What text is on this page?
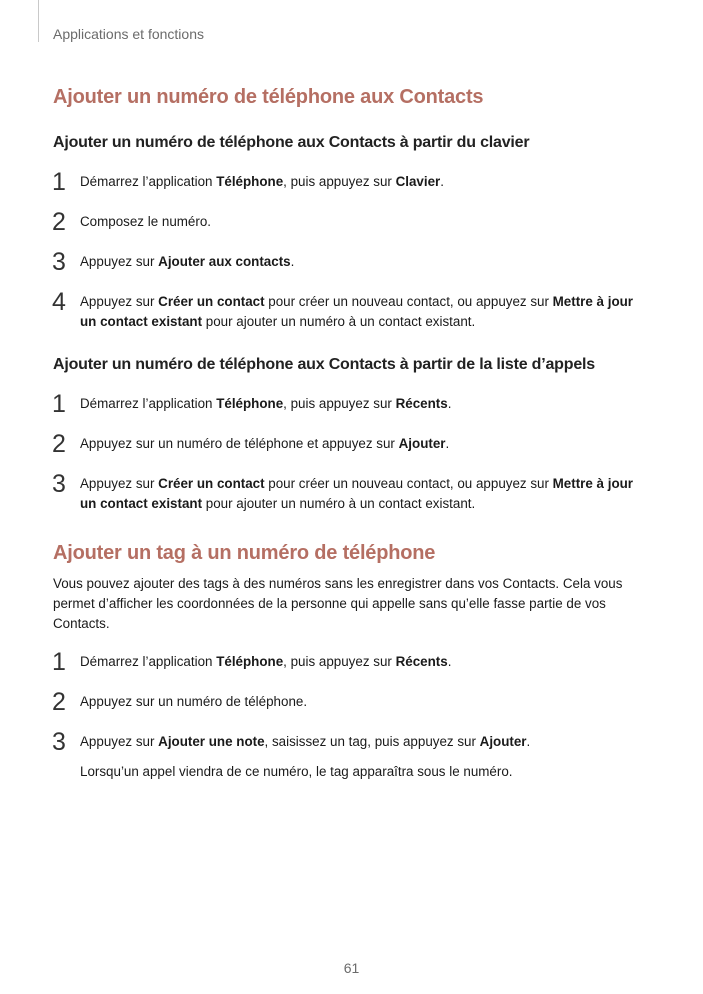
Applications et fonctions
Ajouter un numéro de téléphone aux Contacts
Ajouter un numéro de téléphone aux Contacts à partir du clavier
1 Démarrez l’application Téléphone, puis appuyez sur Clavier.
2 Composez le numéro.
3 Appuyez sur Ajouter aux contacts.
4 Appuyez sur Créer un contact pour créer un nouveau contact, ou appuyez sur Mettre à jour un contact existant pour ajouter un numéro à un contact existant.
Ajouter un numéro de téléphone aux Contacts à partir de la liste d’appels
1 Démarrez l’application Téléphone, puis appuyez sur Récents.
2 Appuyez sur un numéro de téléphone et appuyez sur Ajouter.
3 Appuyez sur Créer un contact pour créer un nouveau contact, ou appuyez sur Mettre à jour un contact existant pour ajouter un numéro à un contact existant.
Ajouter un tag à un numéro de téléphone

Vous pouvez ajouter des tags à des numéros sans les enregistrer dans vos Contacts. Cela vous permet d’afficher les coordonnées de la personne qui appelle sans qu’elle fasse partie de vos Contacts.

1 Démarrez l’application Téléphone, puis appuyez sur Récents.
2 Appuyez sur un numéro de téléphone.
3 Appuyez sur Ajouter une note, saisissez un tag, puis appuyez sur Ajouter.
Lorsqu’un appel viendra de ce numéro, le tag apparaîtra sous le numéro.
61
